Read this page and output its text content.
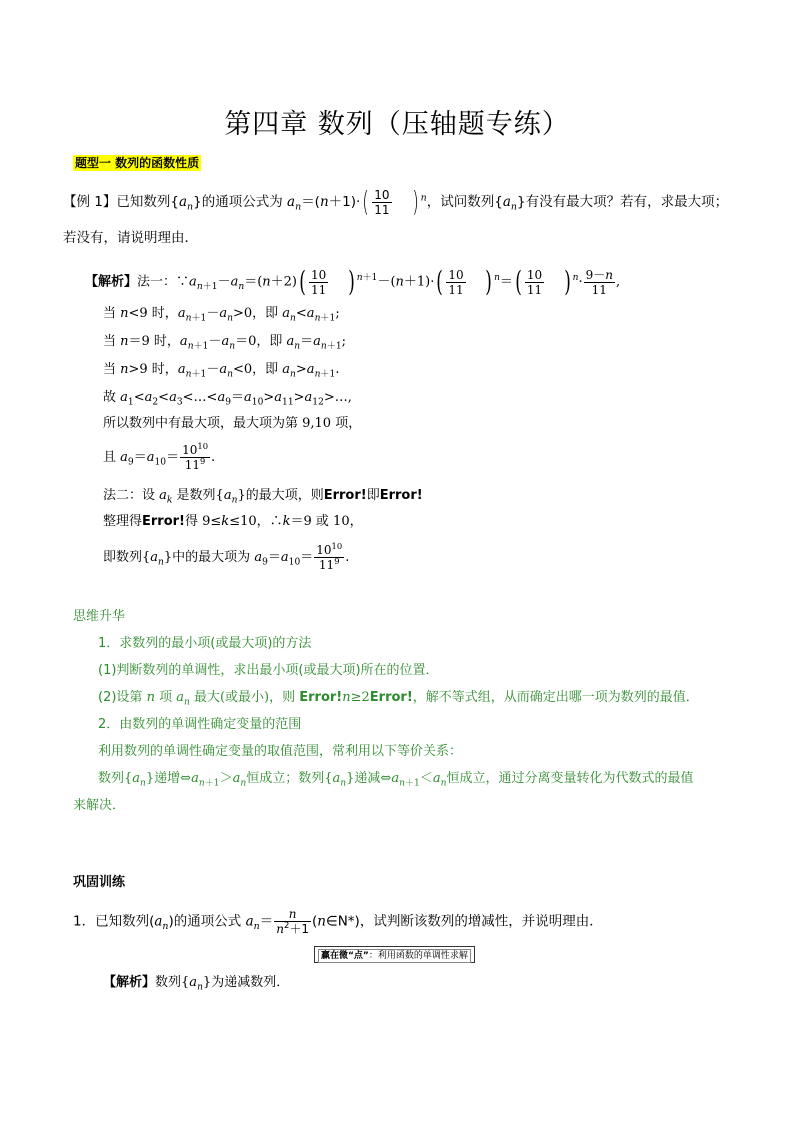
第四章 数列（压轴题专练）
题型一 数列的函数性质
【例 1】已知数列$\{a_n\}$的通项公式为 $a_n=(n+1)\cdot( \frac{10}{11}$ ) $^n$，试问数列$\{a_n\}$有没有最大项？若有，求最大项；
若没有，请说明理由．
【解析】法一：$\because a_{n+1}-a_n=(n+2)( \frac{10}{11}$ ) $^{n+1}-(n+1)\cdot( \frac{10}{11}$ ) $^n=( \frac{10}{11}$ ) $^n\cdot \frac{9-n}{11}$ ,
当 n<9 时，$a_{n+1}-a_n>0$，即 $a_n<a_{n+1}$;
当 n＝9 时，$a_{n+1}-a_n=0$，即 $a_n=a_{n+1}$;
当 n>9 时，$a_{n+1}-a_n<0$，即 $a_n>a_{n+1}$.
故 $a_1<a_2<a_3<\dots<a_9=a_{10}>a_{11}>a_{12}>\dots$,
所以数列中有最大项，最大项为第 9,10 项，
且 $a_9=a_{10}= \frac{10^{10}}{11^9}$ .
法二：设 $a_k$ 是数列$\{a_n\}$的最大项，则Error!即Error!
整理得Error!得 9≤k≤10，∴k＝9 或 10，
即数列$\{a_n\}$中的最大项为 $a_9=a_{10}= \frac{10^{10}}{11^9}$ .
思维升华
1．求数列的最小项(或最大项)的方法
(1)判断数列的单调性，求出最小项(或最大项)所在的位置．
(2)设第 n 项 $a_n$ 最大(或最小)，则 Error!n≥2Error!，解不等式组，从而确定出哪一项为数列的最值．
2．由数列的单调性确定变量的范围
利用数列的单调性确定变量的取值范围，常利用以下等价关系：
数列$\{a_n\}$递增$\Leftrightarrow a_{n+1}>a_n$恒成立；数列$\{a_n\}$递减$\Leftrightarrow a_{n+1}<a_n$恒成立，通过分离变量转化为代数式的最值
来解决．
巩固训练
1．已知数列$(a_n)$的通项公式 $a_n= \frac{n}{n^2+1}$ (n∈N*)，试判断该数列的增减性，并说明理由．
赢在微“点”：利用函数的单调性求解
【解析】数列$\{a_n\}$为递减数列．
